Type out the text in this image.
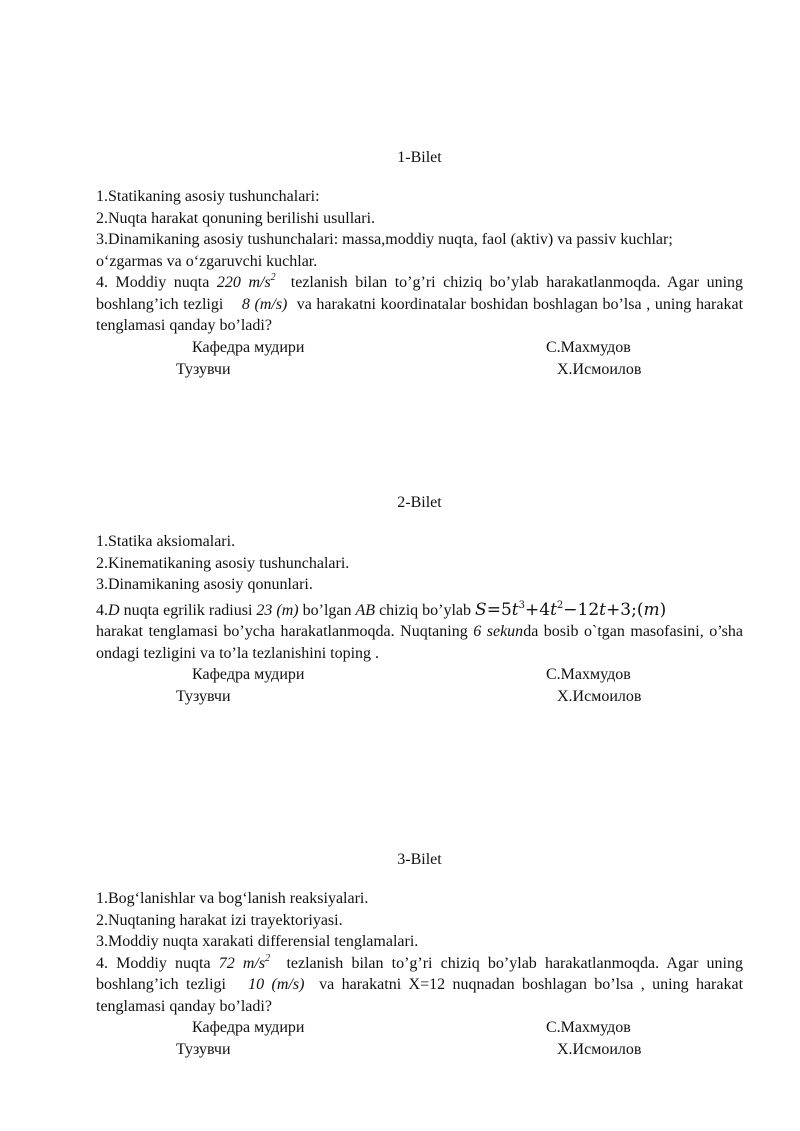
1-Bilet
1.Statikaning asosiy tushunchalari:
2.Nuqta harakat qonuning berilishi usullari.
3.Dinamikaning asosiy tushunchalari: massa,moddiy nuqta, faol (aktiv) va passiv kuchlar; o‘zgarmas va o‘zgaruvchi kuchlar.
4. Moddiy nuqta 220 $m/s^2$ tezlanish bilan to’g’ri chiziq bo’ylab harakatlanmoqda. Agar uning boshlang’ich tezligi 8 (m/s) va harakatni koordinatalar boshidan boshlagan bo’lsa , uning harakat tenglamasi qanday bo’ladi?
Кафедра мудири	С.Махмудов
Тузувчи	Х.Исмоилов
2-Bilet
1.Statika aksiomalari.
2.Kinematikaning asosiy tushunchalari.
3.Dinamikaning asosiy qonunlari.
4.D nuqta egrilik radiusi 23 (m) bo’lgan AB chiziq bo’ylab $S=5t^3+4t^2-12t+3;(m)$
harakat tenglamasi bo’ycha harakatlanmoqda. Nuqtaning 6 sekunda bosib o`tgan masofasini, o’sha ondagi tezligini va to’la tezlanishini toping .
Кафедра мудири	С.Махмудов
Тузувчи	Х.Исмоилов
3-Bilet
1.Bog‘lanishlar va bog‘lanish reaksiyalari.
2.Nuqtaning harakat izi trayektoriyasi.
3.Moddiy nuqta xarakati differensial tenglamalari.
4. Moddiy nuqta 72 $m/s^2$ tezlanish bilan to’g’ri chiziq bo’ylab harakatlanmoqda. Agar uning boshlang’ich tezligi 10 (m/s) va harakatni X=12 nuqnadan boshlagan bo’lsa , uning harakat tenglamasi qanday bo’ladi?
Кафедра мудири	С.Махмудов
Тузувчи	Х.Исмоилов
